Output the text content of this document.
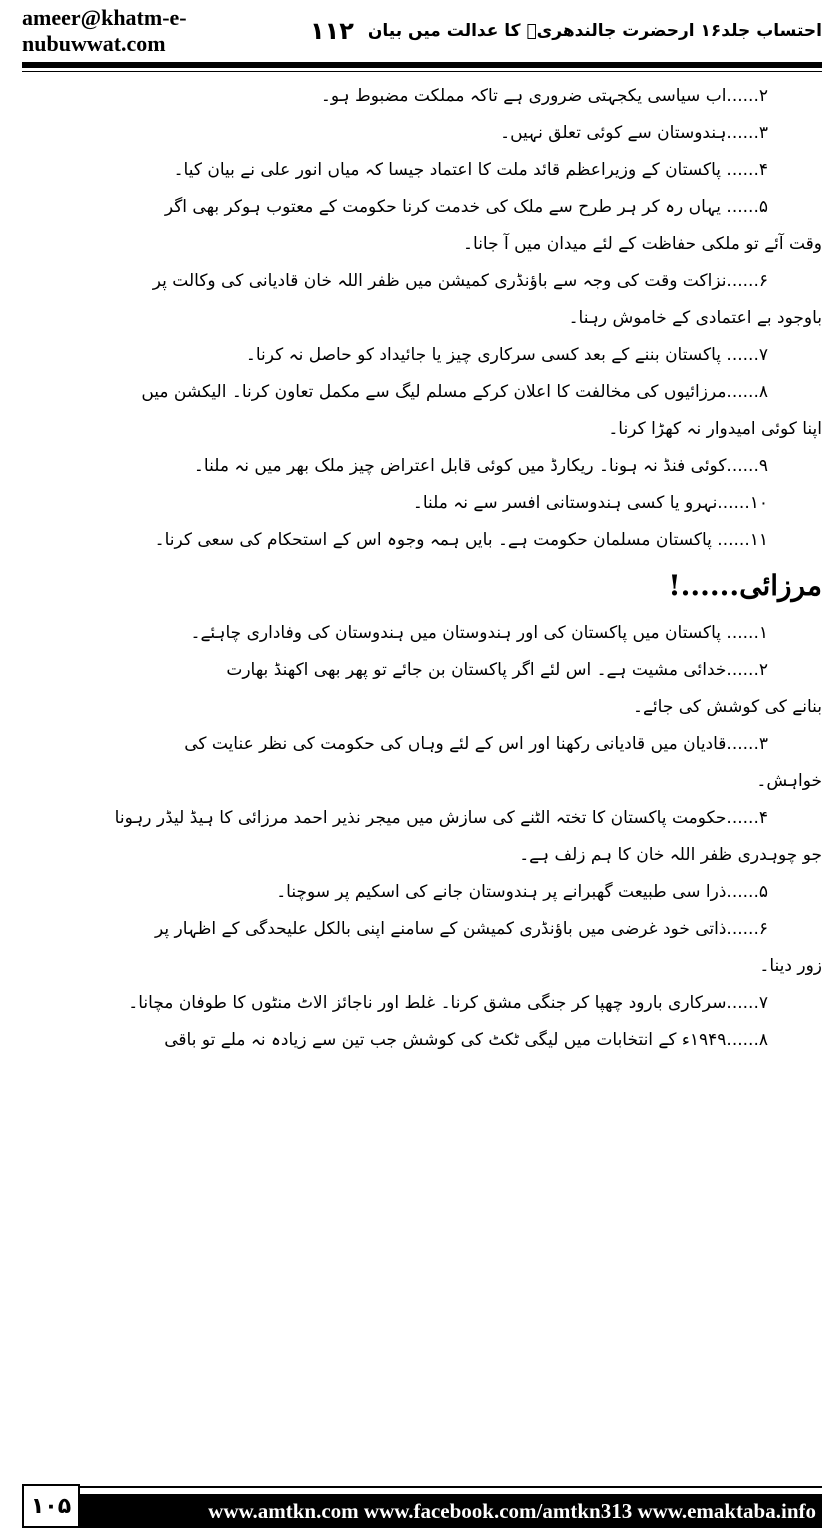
ameer@khatm-e-nubuwwat.com	احتساب جلد۱۶ ارحضرت جالندھریؒ کا عدالت میں بیان
۱۱۲

۲......اب سیاسی یکجہتی ضروری ہے تاکہ مملکت مضبوط ہو۔

۳......ہندوستان سے کوئی تعلق نہیں۔

۴...... پاکستان کے وزیراعظم قائد ملت کا اعتماد جیسا کہ میاں انور علی نے بیان کیا۔

۵...... یہاں رہ کر ہر طرح سے ملک کی خدمت کرنا حکومت کے معتوب ہوکر بھی اگر

وقت آئے تو ملکی حفاظت کے لئے میدان میں آ جانا۔

۶......نزاکت وقت کی وجہ سے باؤنڈری کمیشن میں ظفر اللہ خان قادیانی کی وکالت پر

باوجود بے اعتمادی کے خاموش رہنا۔

۷...... پاکستان بننے کے بعد کسی سرکاری چیز یا جائیداد کو حاصل نہ کرنا۔

۸......مرزائیوں کی مخالفت کا اعلان کرکے مسلم لیگ سے مکمل تعاون کرنا۔ الیکشن میں

اپنا کوئی امیدوار نہ کھڑا کرنا۔

۹......کوئی فنڈ نہ ہونا۔ ریکارڈ میں کوئی قابل اعتراض چیز ملک بھر میں نہ ملنا۔

۱۰......نہرو یا کسی ہندوستانی افسر سے نہ ملنا۔

۱۱...... پاکستان مسلمان حکومت ہے۔ بایں ہمہ وجوہ اس کے استحکام کی سعی کرنا۔

مرزائی......!

۱...... پاکستان میں پاکستان کی اور ہندوستان میں ہندوستان کی وفاداری چاہئے۔

۲......خدائی مشیت ہے۔ اس لئے اگر پاکستان بن جائے تو پھر بھی اکھنڈ بھارت

بنانے کی کوشش کی جائے۔

۳......قادیان میں قادیانی رکھنا اور اس کے لئے وہاں کی حکومت کی نظر عنایت کی

خواہش۔

۴......حکومت پاکستان کا تختہ الٹنے کی سازش میں میجر نذیر احمد مرزائی کا ہیڈ لیڈر رہونا

جو چوہدری ظفر اللہ خان کا ہم زلف ہے۔

۵......ذرا سی طبیعت گھبرانے پر ہندوستان جانے کی اسکیم پر سوچنا۔

۶......ذاتی خود غرضی میں باؤنڈری کمیشن کے سامنے اپنی بالکل علیحدگی کے اظہار پر

زور دینا۔

۷......سرکاری بارود چھپا کر جنگی مشق کرنا۔ غلط اور ناجائز الاٹ منٹوں کا طوفان مچانا۔

۸......۱۹۴۹ء کے انتخابات میں لیگی ٹکٹ کی کوشش جب تین سے زیادہ نہ ملے تو باقی

۱۰۵	www.amtkn.com www.facebook.com/amtkn313 www.emaktaba.info
